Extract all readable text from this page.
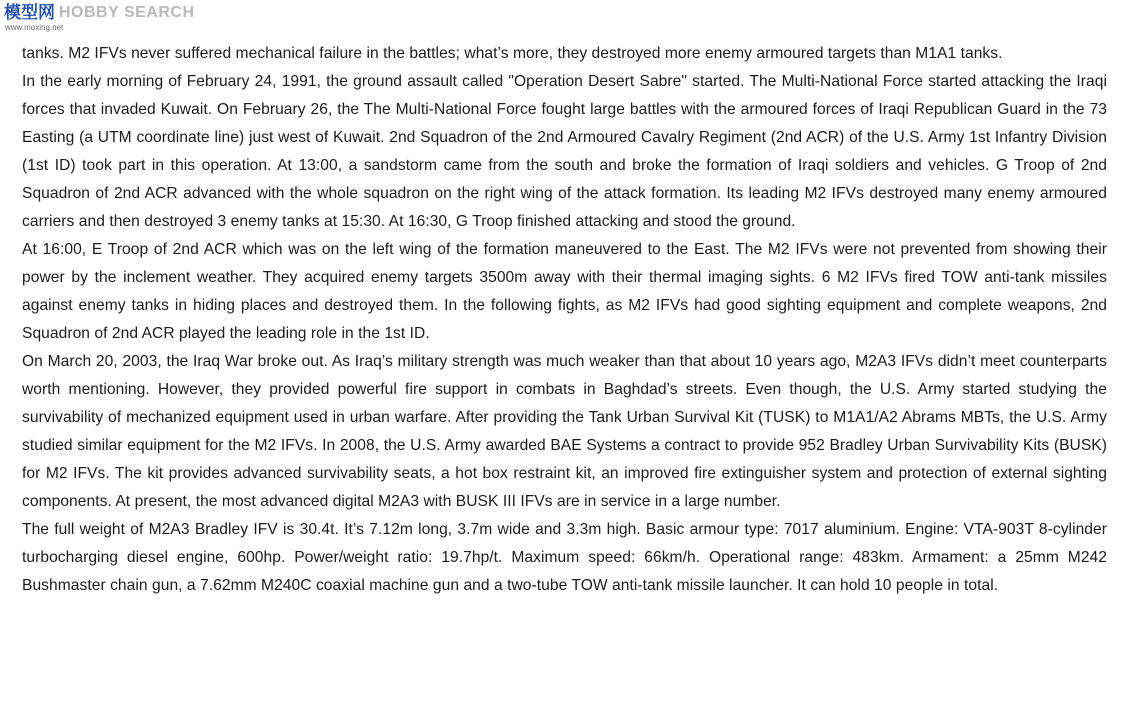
模型网 HOBBY SEARCH
www.moxing.net

tanks. M2 IFVs never suffered mechanical failure in the battles; what’s more, they destroyed more enemy armoured targets than M1A1 tanks.

In the early morning of February 24, 1991, the ground assault called "Operation Desert Sabre" started. The Multi-National Force started attacking the Iraqi forces that invaded Kuwait. On February 26, the The Multi-National Force fought large battles with the armoured forces of Iraqi Republican Guard in the 73 Easting (a UTM coordinate line) just west of Kuwait. 2nd Squadron of the 2nd Armoured Cavalry Regiment (2nd ACR) of the U.S. Army 1st Infantry Division (1st ID) took part in this operation. At 13:00, a sandstorm came from the south and broke the formation of Iraqi soldiers and vehicles. G Troop of 2nd Squadron of 2nd ACR advanced with the whole squadron on the right wing of the attack formation. Its leading M2 IFVs destroyed many enemy armoured carriers and then destroyed 3 enemy tanks at 15:30. At 16:30, G Troop finished attacking and stood the ground.

At 16:00, E Troop of 2nd ACR which was on the left wing of the formation maneuvered to the East. The M2 IFVs were not prevented from showing their power by the inclement weather. They acquired enemy targets 3500m away with their thermal imaging sights. 6 M2 IFVs fired TOW anti-tank missiles against enemy tanks in hiding places and destroyed them. In the following fights, as M2 IFVs had good sighting equipment and complete weapons, 2nd Squadron of 2nd ACR played the leading role in the 1st ID.

On March 20, 2003, the Iraq War broke out. As Iraq’s military strength was much weaker than that about 10 years ago, M2A3 IFVs didn’t meet counterparts worth mentioning. However, they provided powerful fire support in combats in Baghdad’s streets. Even though, the U.S. Army started studying the survivability of mechanized equipment used in urban warfare. After providing the Tank Urban Survival Kit (TUSK) to M1A1/A2 Abrams MBTs, the U.S. Army studied similar equipment for the M2 IFVs. In 2008, the U.S. Army awarded BAE Systems a contract to provide 952 Bradley Urban Survivability Kits (BUSK) for M2 IFVs. The kit provides advanced survivability seats, a hot box restraint kit, an improved fire extinguisher system and protection of external sighting components. At present, the most advanced digital M2A3 with BUSK III IFVs are in service in a large number.

The full weight of M2A3 Bradley IFV is 30.4t. It’s 7.12m long, 3.7m wide and 3.3m high. Basic armour type: 7017 aluminium. Engine: VTA-903T 8-cylinder turbocharging diesel engine, 600hp. Power/weight ratio: 19.7hp/t. Maximum speed: 66km/h. Operational range: 483km. Armament: a 25mm M242 Bushmaster chain gun, a 7.62mm M240C coaxial machine gun and a two-tube TOW anti-tank missile launcher. It can hold 10 people in total.
